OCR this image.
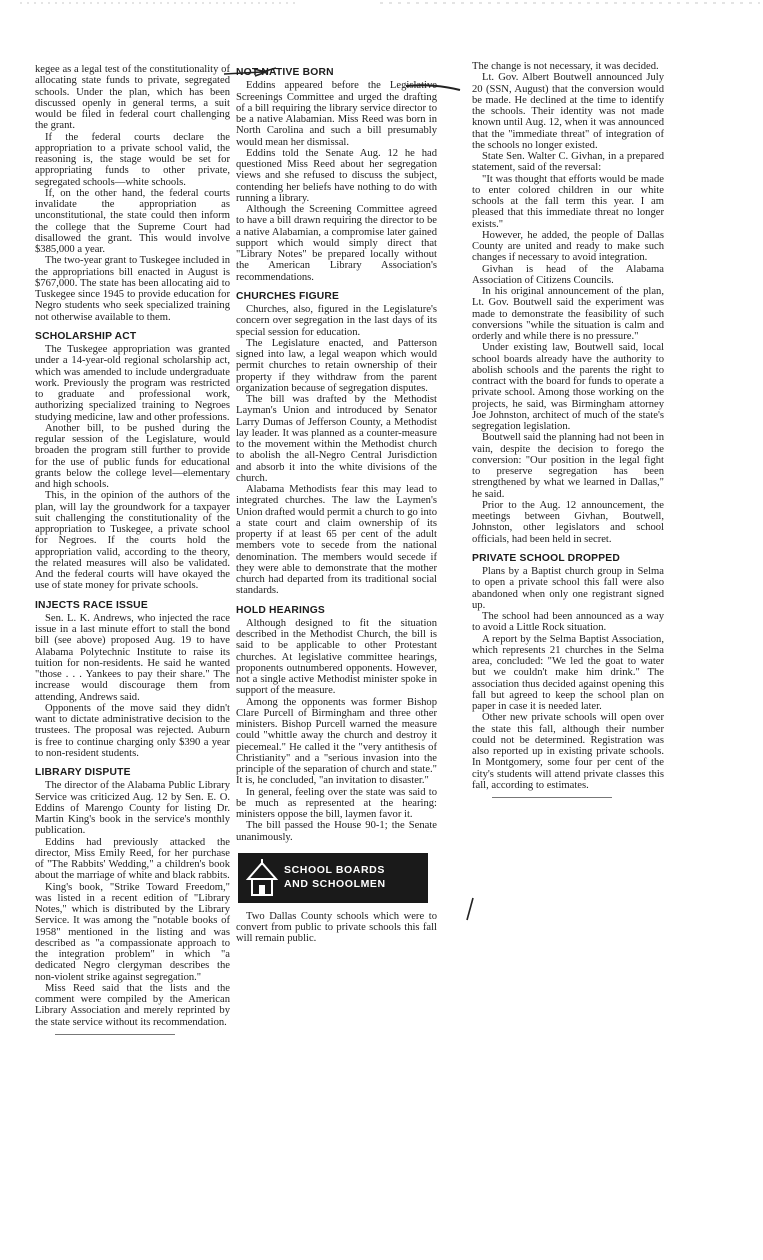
kegee as a legal test of the constitutionality of allocating state funds to private, segregated schools. Under the plan, which has been discussed openly in general terms, a suit would be filed in federal court challenging the grant.

If the federal courts declare the appropriation to a private school valid, the reasoning is, the stage would be set for appropriating funds to other private, segregated schools—white schools.

If, on the other hand, the federal courts invalidate the appropriation as unconstitutional, the state could then inform the college that the Supreme Court had disallowed the grant. This would involve $385,000 a year.

The two-year grant to Tuskegee included in the appropriations bill enacted in August is $767,000. The state has been allocating aid to Tuskegee since 1945 to provide education for Negro students who seek specialized training not otherwise available to them.

SCHOLARSHIP ACT

The Tuskegee appropriation was granted under a 14-year-old regional scholarship act, which was amended to include undergraduate work. Previously the program was restricted to graduate and professional work, authorizing specialized training to Negroes studying medicine, law and other professions.

Another bill, to be pushed during the regular session of the Legislature, would broaden the program still further to provide for the use of public funds for educational grants below the college level—elementary and high schools.

This, in the opinion of the authors of the plan, will lay the groundwork for a taxpayer suit challenging the constitutionality of the appropriation to Tuskegee, a private school for Negroes. If the courts hold the appropriation valid, according to the theory, the related measures will also be validated. And the federal courts will have okayed the use of state money for private schools.

INJECTS RACE ISSUE

Sen. L. K. Andrews, who injected the race issue in a last minute effort to stall the bond bill (see above) proposed Aug. 19 to have Alabama Polytechnic Institute to raise its tuition for non-residents. He said he wanted "those . . . Yankees to pay their share." The increase would discourage them from attending, Andrews said.

Opponents of the move said they didn't want to dictate administrative decision to the trustees. The proposal was rejected. Auburn is free to continue charging only $390 a year to non-resident students.

LIBRARY DISPUTE

The director of the Alabama Public Library Service was criticized Aug. 12 by Sen. E. O. Eddins of Marengo County for listing Dr. Martin King's book in the service's monthly publication.

Eddins had previously attacked the director, Miss Emily Reed, for her purchase of "The Rabbits' Wedding," a children's book about the marriage of white and black rabbits.

King's book, "Strike Toward Freedom," was listed in a recent edition of "Library Notes," which is distributed by the Library Service. It was among the "notable books of 1958" mentioned in the listing and was described as "a compassionate approach to the integration problem" in which "a dedicated Negro clergyman describes the non-violent strike against segregation."

Miss Reed said that the lists and the comment were compiled by the American Library Association and merely reprinted by the state service without its recommendation.

NOT NATIVE BORN

Eddins appeared before the Legislative Screenings Committee and urged the drafting of a bill requiring the library service director to be a native Alabamian. Miss Reed was born in North Carolina and such a bill presumably would mean her dismissal.

Eddins told the Senate Aug. 12 he had questioned Miss Reed about her segregation views and she refused to discuss the subject, contending her beliefs have nothing to do with running a library.

Although the Screening Committee agreed to have a bill drawn requiring the director to be a native Alabamian, a compromise later gained support which would simply direct that "Library Notes" be prepared locally without the American Library Association's recommendations.

CHURCHES FIGURE

Churches, also, figured in the Legislature's concern over segregation in the last days of its special session for education.

The Legislature enacted, and Patterson signed into law, a legal weapon which would permit churches to retain ownership of their property if they withdraw from the parent organization because of segregation disputes.

The bill was drafted by the Methodist Layman's Union and introduced by Senator Larry Dumas of Jefferson County, a Methodist lay leader. It was planned as a counter-measure to the movement within the Methodist church to abolish the all-Negro Central Jurisdiction and absorb it into the white divisions of the church.

Alabama Methodists fear this may lead to integrated churches. The law the Laymen's Union drafted would permit a church to go into a state court and claim ownership of its property if at least 65 per cent of the adult members vote to secede from the national denomination. The members would secede if they were able to demonstrate that the mother church had departed from its traditional social standards.

HOLD HEARINGS

Although designed to fit the situation described in the Methodist Church, the bill is said to be applicable to other Protestant churches. At legislative committee hearings, proponents outnumbered opponents. However, not a single active Methodist minister spoke in support of the measure.

Among the opponents was former Bishop Clare Purcell of Birmingham and three other ministers. Bishop Purcell warned the measure could "whittle away the church and destroy it piecemeal." He called it the "very antithesis of Christianity" and a "serious invasion into the principle of the separation of church and state." It is, he concluded, "an invitation to disaster."

In general, feeling over the state was said to be much as represented at the hearing: ministers oppose the bill, laymen favor it.

The bill passed the House 90-1; the Senate unanimously.

SCHOOL BOARDS
AND SCHOOLMEN

Two Dallas County schools which were to convert from public to private schools this fall will remain public.

The change is not necessary, it was decided.

Lt. Gov. Albert Boutwell announced July 20 (SSN, August) that the conversion would be made. He declined at the time to identify the schools. Their identity was not made known until Aug. 12, when it was announced that the "immediate threat" of integration of the schools no longer existed.

State Sen. Walter C. Givhan, in a prepared statement, said of the reversal:

"It was thought that efforts would be made to enter colored children in our white schools at the fall term this year. I am pleased that this immediate threat no longer exists."

However, he added, the people of Dallas County are united and ready to make such changes if necessary to avoid integration.

Givhan is head of the Alabama Association of Citizens Councils.

In his original announcement of the plan, Lt. Gov. Boutwell said the experiment was made to demonstrate the feasibility of such conversions "while the situation is calm and orderly and while there is no pressure."

Under existing law, Boutwell said, local school boards already have the authority to abolish schools and the parents the right to contract with the board for funds to operate a private school. Among those working on the projects, he said, was Birmingham attorney Joe Johnston, architect of much of the state's segregation legislation.

Boutwell said the planning had not been in vain, despite the decision to forego the conversion: "Our position in the legal fight to preserve segregation has been strengthened by what we learned in Dallas," he said.

Prior to the Aug. 12 announcement, the meetings between Givhan, Boutwell, Johnston, other legislators and school officials, had been held in secret.

PRIVATE SCHOOL DROPPED

Plans by a Baptist church group in Selma to open a private school this fall were also abandoned when only one registrant signed up.

The school had been announced as a way to avoid a Little Rock situation.

A report by the Selma Baptist Association, which represents 21 churches in the Selma area, concluded: "We led the goat to water but we couldn't make him drink." The association thus decided against opening this fall but agreed to keep the school plan on paper in case it is needed later.

Other new private schools will open over the state this fall, although their number could not be determined. Registration was also reported up in existing private schools. In Montgomery, some four per cent of the city's students will attend private classes this fall, according to estimates.
